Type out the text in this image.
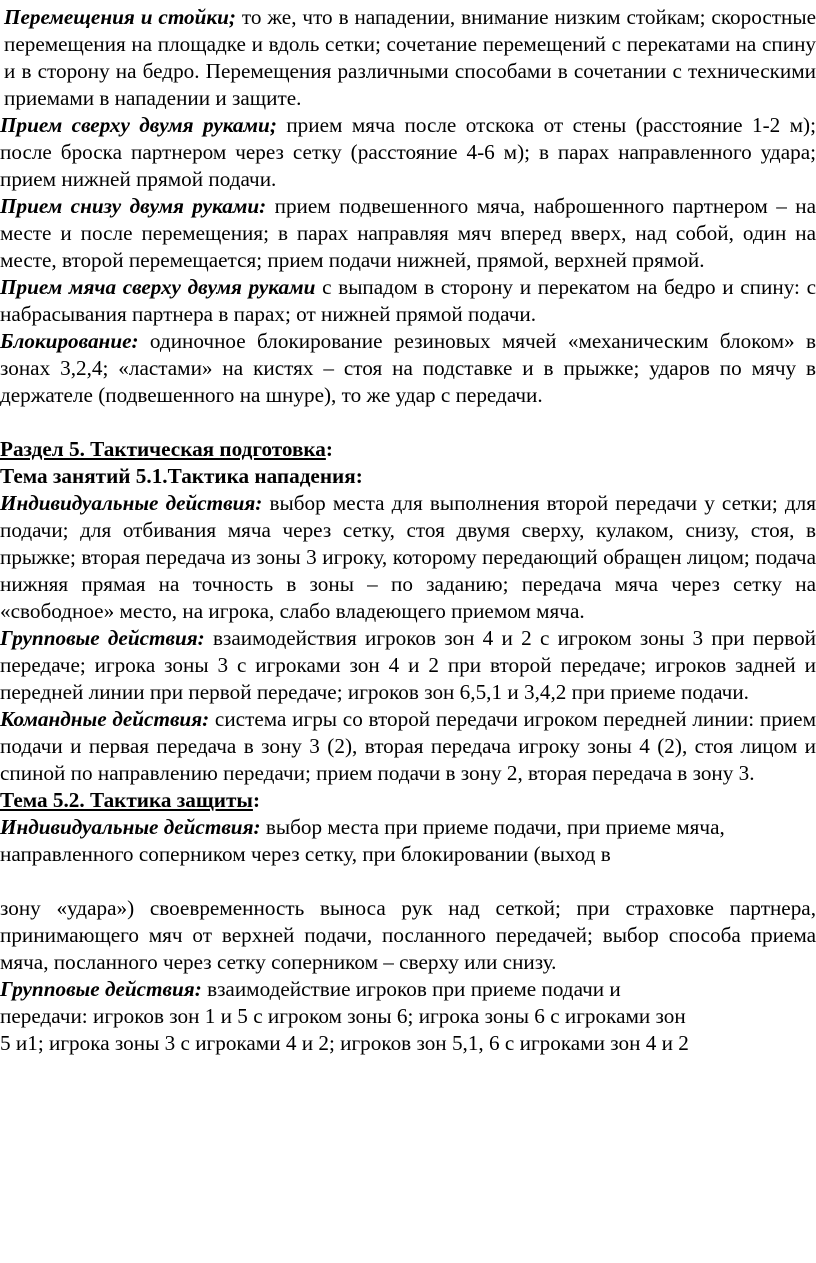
Перемещения и стойки; то же, что в нападении, внимание низким стойкам; скоростные перемещения на площадке и вдоль сетки; сочетание перемещений с перекатами на спину и в сторону на бедро. Перемещения различными способами в сочетании с техническими приемами в нападении и защите.

Прием сверху двумя руками; прием мяча после отскока от стены (расстояние 1-2 м); после броска партнером через сетку (расстояние 4-6 м); в парах направленного удара; прием нижней прямой подачи.

Прием снизу двумя руками: прием подвешенного мяча, наброшенного партнером – на месте и после перемещения; в парах направляя мяч вперед вверх, над собой, один на месте, второй перемещается; прием подачи нижней, прямой, верхней прямой.

Прием мяча сверху двумя руками с выпадом в сторону и перекатом на бедро и спину: с набрасывания партнера в парах; от нижней прямой подачи.

Блокирование: одиночное блокирование резиновых мячей «механическим блоком» в зонах 3,2,4; «ластами» на кистях – стоя на подставке и в прыжке; ударов по мячу в держателе (подвешенного на шнуре), то же удар с передачи.

Раздел 5. Тактическая подготовка:

Тема занятий 5.1.Тактика нападения:

Индивидуальные действия: выбор места для выполнения второй передачи у сетки; для подачи; для отбивания мяча через сетку, стоя двумя сверху, кулаком, снизу, стоя, в прыжке; вторая передача из зоны 3 игроку, которому передающий обращен лицом; подача нижняя прямая на точность в зоны – по заданию; передача мяча через сетку на «свободное» место, на игрока, слабо владеющего приемом мяча.

Групповые действия: взаимодействия игроков зон 4 и 2 с игроком зоны 3 при первой передаче; игрока зоны 3 с игроками зон 4 и 2 при второй передаче; игроков задней и передней линии при первой передаче; игроков зон 6,5,1 и 3,4,2 при приеме подачи.

Командные действия: система игры со второй передачи игроком передней линии: прием подачи и первая передача в зону 3 (2), вторая передача игроку зоны 4 (2), стоя лицом и спиной по направлению передачи; прием подачи в зону 2, вторая передача в зону 3.

Тема 5.2. Тактика защиты:

Индивидуальные действия: выбор места при приеме подачи, при приеме мяча, направленного соперником через сетку, при блокировании (выход в

зону «удара») своевременность выноса рук над сеткой; при страховке партнера, принимающего мяч от верхней подачи, посланного передачей; выбор способа приема мяча, посланного через сетку соперником – сверху или снизу.

Групповые действия: взаимодействие игроков при приеме подачи и

передачи: игроков зон 1 и 5 с игроком зоны 6; игрока зоны 6 с игроками зон

5 и1; игрока зоны 3 с игроками 4 и 2; игроков зон 5,1, 6 с игроками зон 4 и 2
